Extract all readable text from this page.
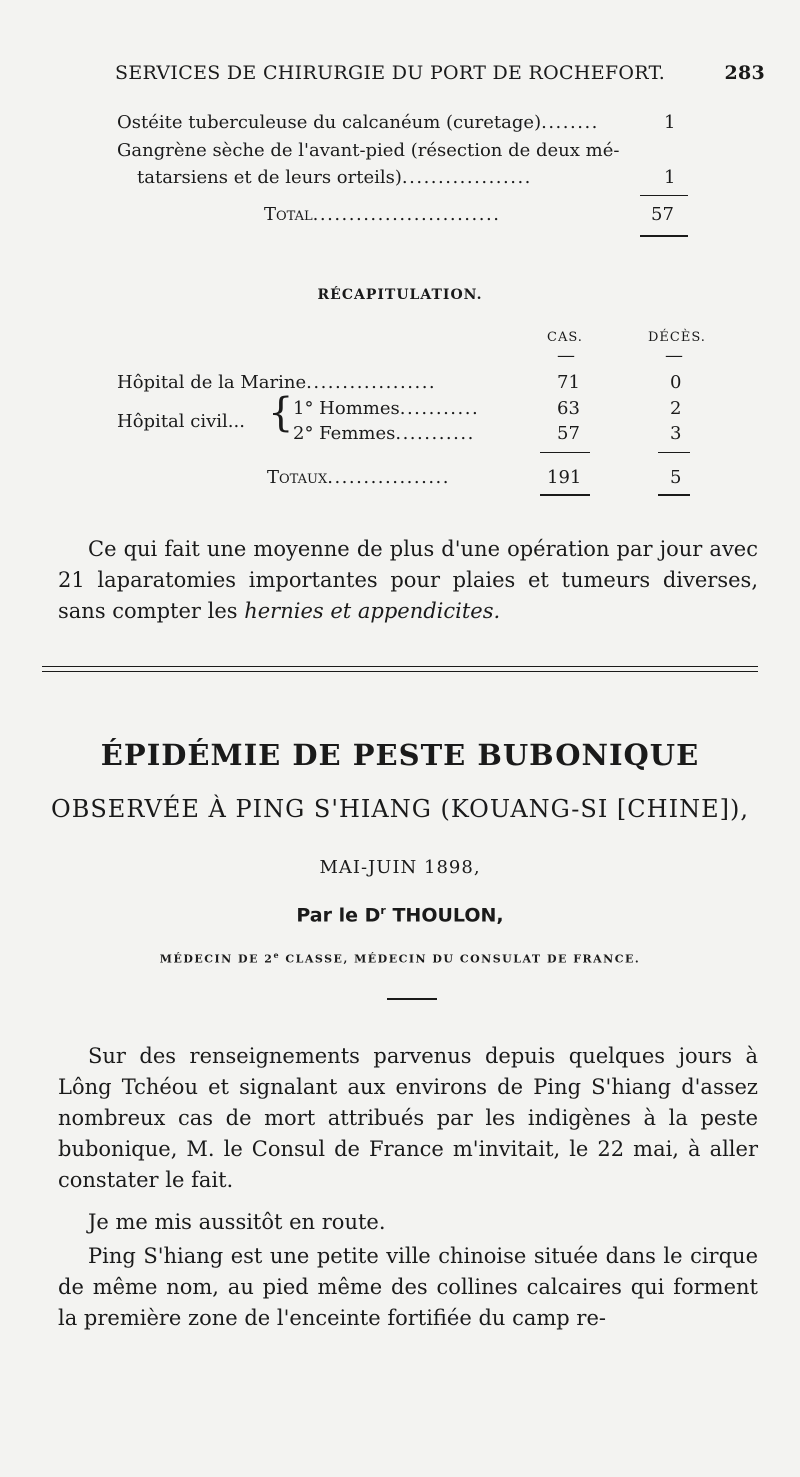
SERVICES DE CHIRURGIE DU PORT DE ROCHEFORT.	283
Ostéite tuberculeuse du calcanéum (curetage)........	1
Gangrène sèche de l'avant-pied (résection de deux mé-
tatarsiens et de leurs orteils)..................	1
Total..........................	57
RÉCAPITULATION.
CAS.	DÉCÈS.
—	—
Hôpital de la Marine..................	71	0
Hôpital civil... { 1° Hommes...........	63	2
2° Femmes...........	57	3
Totaux.................	191	5
Ce qui fait une moyenne de plus d'une opération par jour avec 21 laparatomies importantes pour plaies et tumeurs diverses, sans compter les hernies et appendicites.
ÉPIDÉMIE DE PESTE BUBONIQUE
OBSERVÉE À PING S'HIANG (KOUANG-SI [CHINE]),
MAI-JUIN 1898,
Par le $D^r$ THOULON,
MÉDECIN DE 2e CLASSE, MÉDECIN DU CONSULAT DE FRANCE.
Sur des renseignements parvenus depuis quelques jours à Lông Tchéou et signalant aux environs de Ping S'hiang d'assez nombreux cas de mort attribués par les indigènes à la peste bubonique, M. le Consul de France m'invitait, le 22 mai, à aller constater le fait.
Je me mis aussitôt en route.
Ping S'hiang est une petite ville chinoise située dans le cirque de même nom, au pied même des collines calcaires qui forment la première zone de l'enceinte fortifiée du camp re-
